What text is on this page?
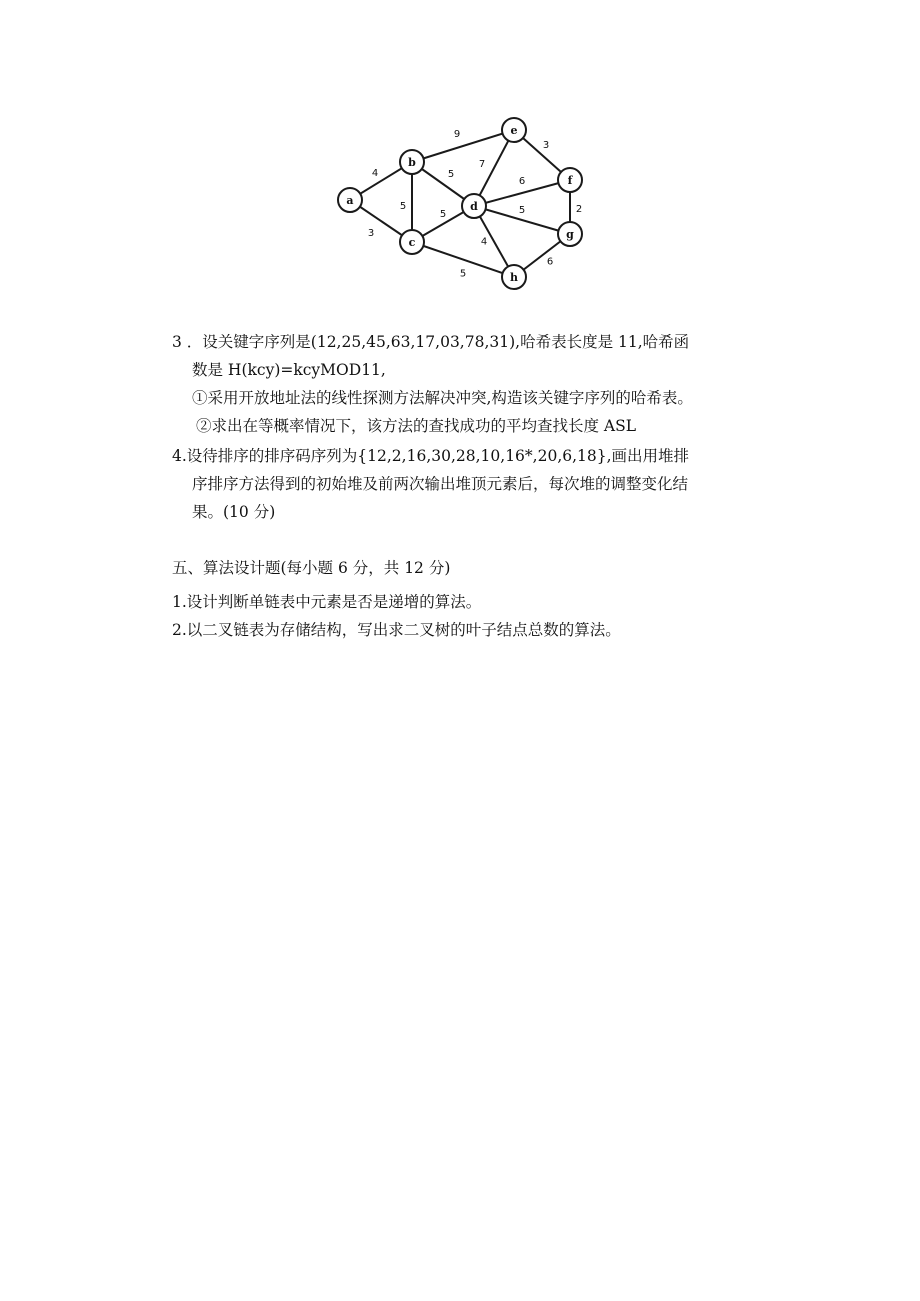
4
3
5
5
9
5
5
7
6
5
4
3
2
6
a
b
c
d
e
f
g
h
3 ．设关键字序列是(12,25,45,63,17,03,78,31),哈希表长度是 11,哈希函
数是 H(kcy)=kcyMOD11,
①采用开放地址法的线性探测方法解决冲突,构造该关键字序列的哈希表。
②求出在等概率情况下，该方法的查找成功的平均查找长度 ASL
4.设待排序的排序码序列为{12,2,16,30,28,10,16*,20,6,18},画出用堆排
序排序方法得到的初始堆及前两次输出堆顶元素后，每次堆的调整变化结
果。(10 分)
五、算法设计题(每小题 6 分，共 12 分)
1.设计判断单链表中元素是否是递增的算法。
2.以二叉链表为存储结构，写出求二叉树的叶子结点总数的算法。
